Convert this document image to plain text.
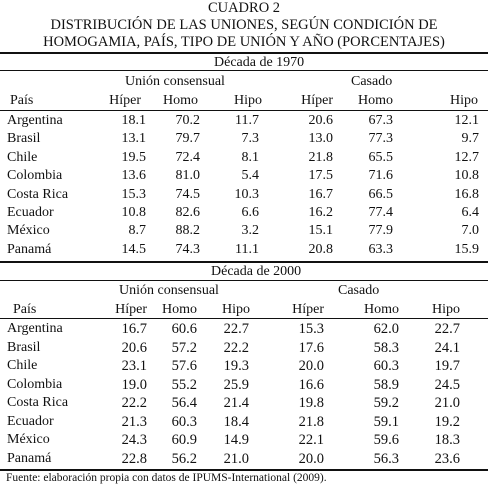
CUADRO 2
DISTRIBUCIÓN DE LAS UNIONES, SEGÚN CONDICIÓN DE
HOMOGAMIA, PAÍS, TIPO DE UNIÓN Y AÑO (PORCENTAJES)
Década de 1970
Unión consensual	Casado
País	Híper	Homo	Hipo	Híper	Homo	Hipo
Argentina	18.1	70.2	11.7	20.6	67.3	12.1
Brasil	13.1	79.7	7.3	13.0	77.3	9.7
Chile	19.5	72.4	8.1	21.8	65.5	12.7
Colombia	13.6	81.0	5.4	17.5	71.6	10.8
Costa Rica	15.3	74.5	10.3	16.7	66.5	16.8
Ecuador	10.8	82.6	6.6	16.2	77.4	6.4
México	8.7	88.2	3.2	15.1	77.9	7.0
Panamá	14.5	74.3	11.1	20.8	63.3	15.9
Década de 2000
Unión consensual	Casado
País	Híper	Homo	Hipo	Híper	Homo	Hipo
Argentina	16.7	60.6	22.7	15.3	62.0	22.7
Brasil	20.6	57.2	22.2	17.6	58.3	24.1
Chile	23.1	57.6	19.3	20.0	60.3	19.7
Colombia	19.0	55.2	25.9	16.6	58.9	24.5
Costa Rica	22.2	56.4	21.4	19.8	59.2	21.0
Ecuador	21.3	60.3	18.4	21.8	59.1	19.2
México	24.3	60.9	14.9	22.1	59.6	18.3
Panamá	22.8	56.2	21.0	20.0	56.3	23.6
Fuente: elaboración propia con datos de IPUMS-International (2009).
